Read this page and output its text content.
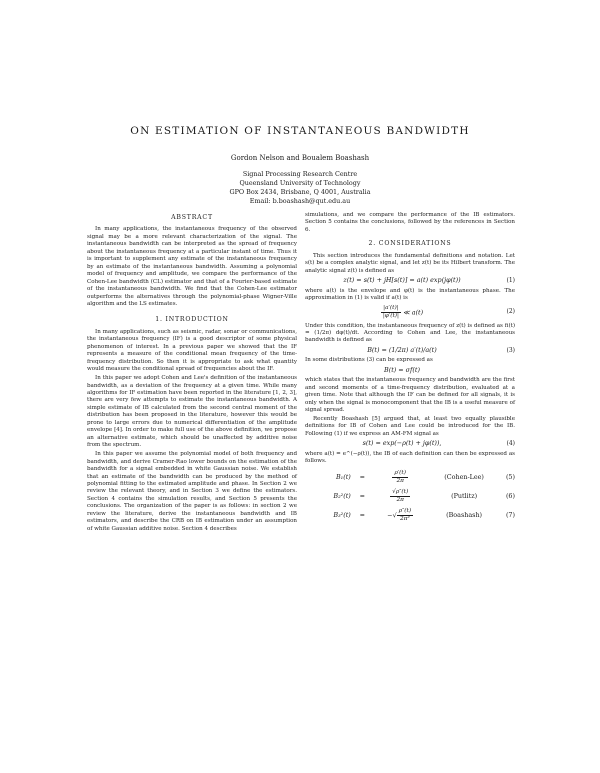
ON ESTIMATION OF INSTANTANEOUS BANDWIDTH
Gordon Nelson and Boualem Boashash
Signal Processing Research Centre
Queensland University of Technology
GPO Box 2434, Brisbane, Q 4001, Australia
Email: b.boashash@qut.edu.au
ABSTRACT

In many applications, the instantaneous frequency of the observed signal may be a more relevant characterization of the signal. The instantaneous bandwidth can be interpreted as the spread of frequency about the instantaneous frequency at a particular instant of time. Thus it is important to supplement any estimate of the instantaneous frequency by an estimate of the instantaneous bandwidth. Assuming a polynomial model of frequency and amplitude, we compare the performance of the Cohen-Lee bandwidth (CL) estimator and that of a Fourier-based estimate of the instantaneous bandwidth. We find that the Cohen-Lee estimator outperforms the alternatives through the polynomial-phase Wigner-Ville algorithm and the LS estimates.

1. INTRODUCTION

In many applications, such as seismic, radar, sonar or communications, the instantaneous frequency (IF) is a good descriptor of some physical phenomenon of interest. In a previous paper we showed that the IF represents a measure of the conditional mean frequency of the time-frequency distribution. So then it is appropriate to ask what quantity would measure the conditional spread of frequencies about the IF.

In this paper we adopt Cohen and Lee's definition of the instantaneous bandwidth, as a deviation of the frequency at a given time. While many algorithms for IF estimation have been reported in the literature [1, 2, 3], there are very few attempts to estimate the instantaneous bandwidth. A simple estimate of IB calculated from the second central moment of the distribution has been proposed in the literature, however this would be prone to large errors due to numerical differentiation of the amplitude envelope [4]. In order to make full use of the above definition, we propose an alternative estimate, which should be unaffected by additive noise from the spectrum.

In this paper we assume the polynomial model of both frequency and bandwidth, and derive Cramer-Rao lower bounds on the estimation of the bandwidth for a signal embedded in white Gaussian noise. We establish that an estimate of the bandwidth can be produced by the method of polynomial fitting to the estimated amplitude and phase. In Section 2 we review the relevant theory, and in Section 3 we define the estimators. Section 4 contains the simulation results, and Section 5 presents the conclusions. The organization of the paper is as follows: in section 2 we review the literature, derive the instantaneous bandwidth and IB estimators, and describe the CRB on IB estimation under an assumption of white Gaussian additive noise. Section 4 describes

simulations, and we compare the performance of the IB estimators. Section 5 contains the conclusions, followed by the references in Section 6.

2. CONSIDERATIONS

This section introduces the fundamental definitions and notation. Let s(t) be a complex analytic signal, and let z(t) be its Hilbert transform. The analytic signal z(t) is defined as

z(t) = s(t) + jH[s(t)] = a(t) exp(jφ(t))	(1)

where a(t) is the envelope and φ(t) is the instantaneous phase. The approximation in (1) is valid if a(t) is

$\frac{|a'(t)|}{|\varphi'(t)|}$ ≪ a(t)	(2)

Under this condition, the instantaneous frequency of z(t) is defined as fi(t) = (1/2π) dφ(t)/dt. According to Cohen and Lee, the instantaneous bandwidth is defined as

B(t) = (1/2π) a′(t)/a(t)	(3)

In some distributions (3) can be expressed as

B(t) = σf(t)

which states that the instantaneous frequency and bandwidth are the first and second moments of a time-frequency distribution, evaluated at a given time. Note that although the IF can be defined for all signals, it is only when the signal is monocomponent that the IB is a useful measure of signal spread.

Recently Boashash [5] argued that, at least two equally plausible definitions for IB of Cohen and Lee could be introduced for the IB. Following (1) if we express an AM-FM signal as

s(t) = exp(−ρ(t) + jφ(t)),	(4)

where a(t) = e^(−ρ(t)), the IB of each definition can then be expressed as follows.

B₁(t)	=	$\frac{\rho'(t)}{2\pi}$	(Cohen-Lee)	(5)
B₂²(t)	=	$\frac{√\rho''(t)}{2\pi}$	(Putlitz)	(6)
B₃²(t)	=	−√ $\frac{\rho''(t)}{\text{2π²}}$	(Boashash)	(7)
